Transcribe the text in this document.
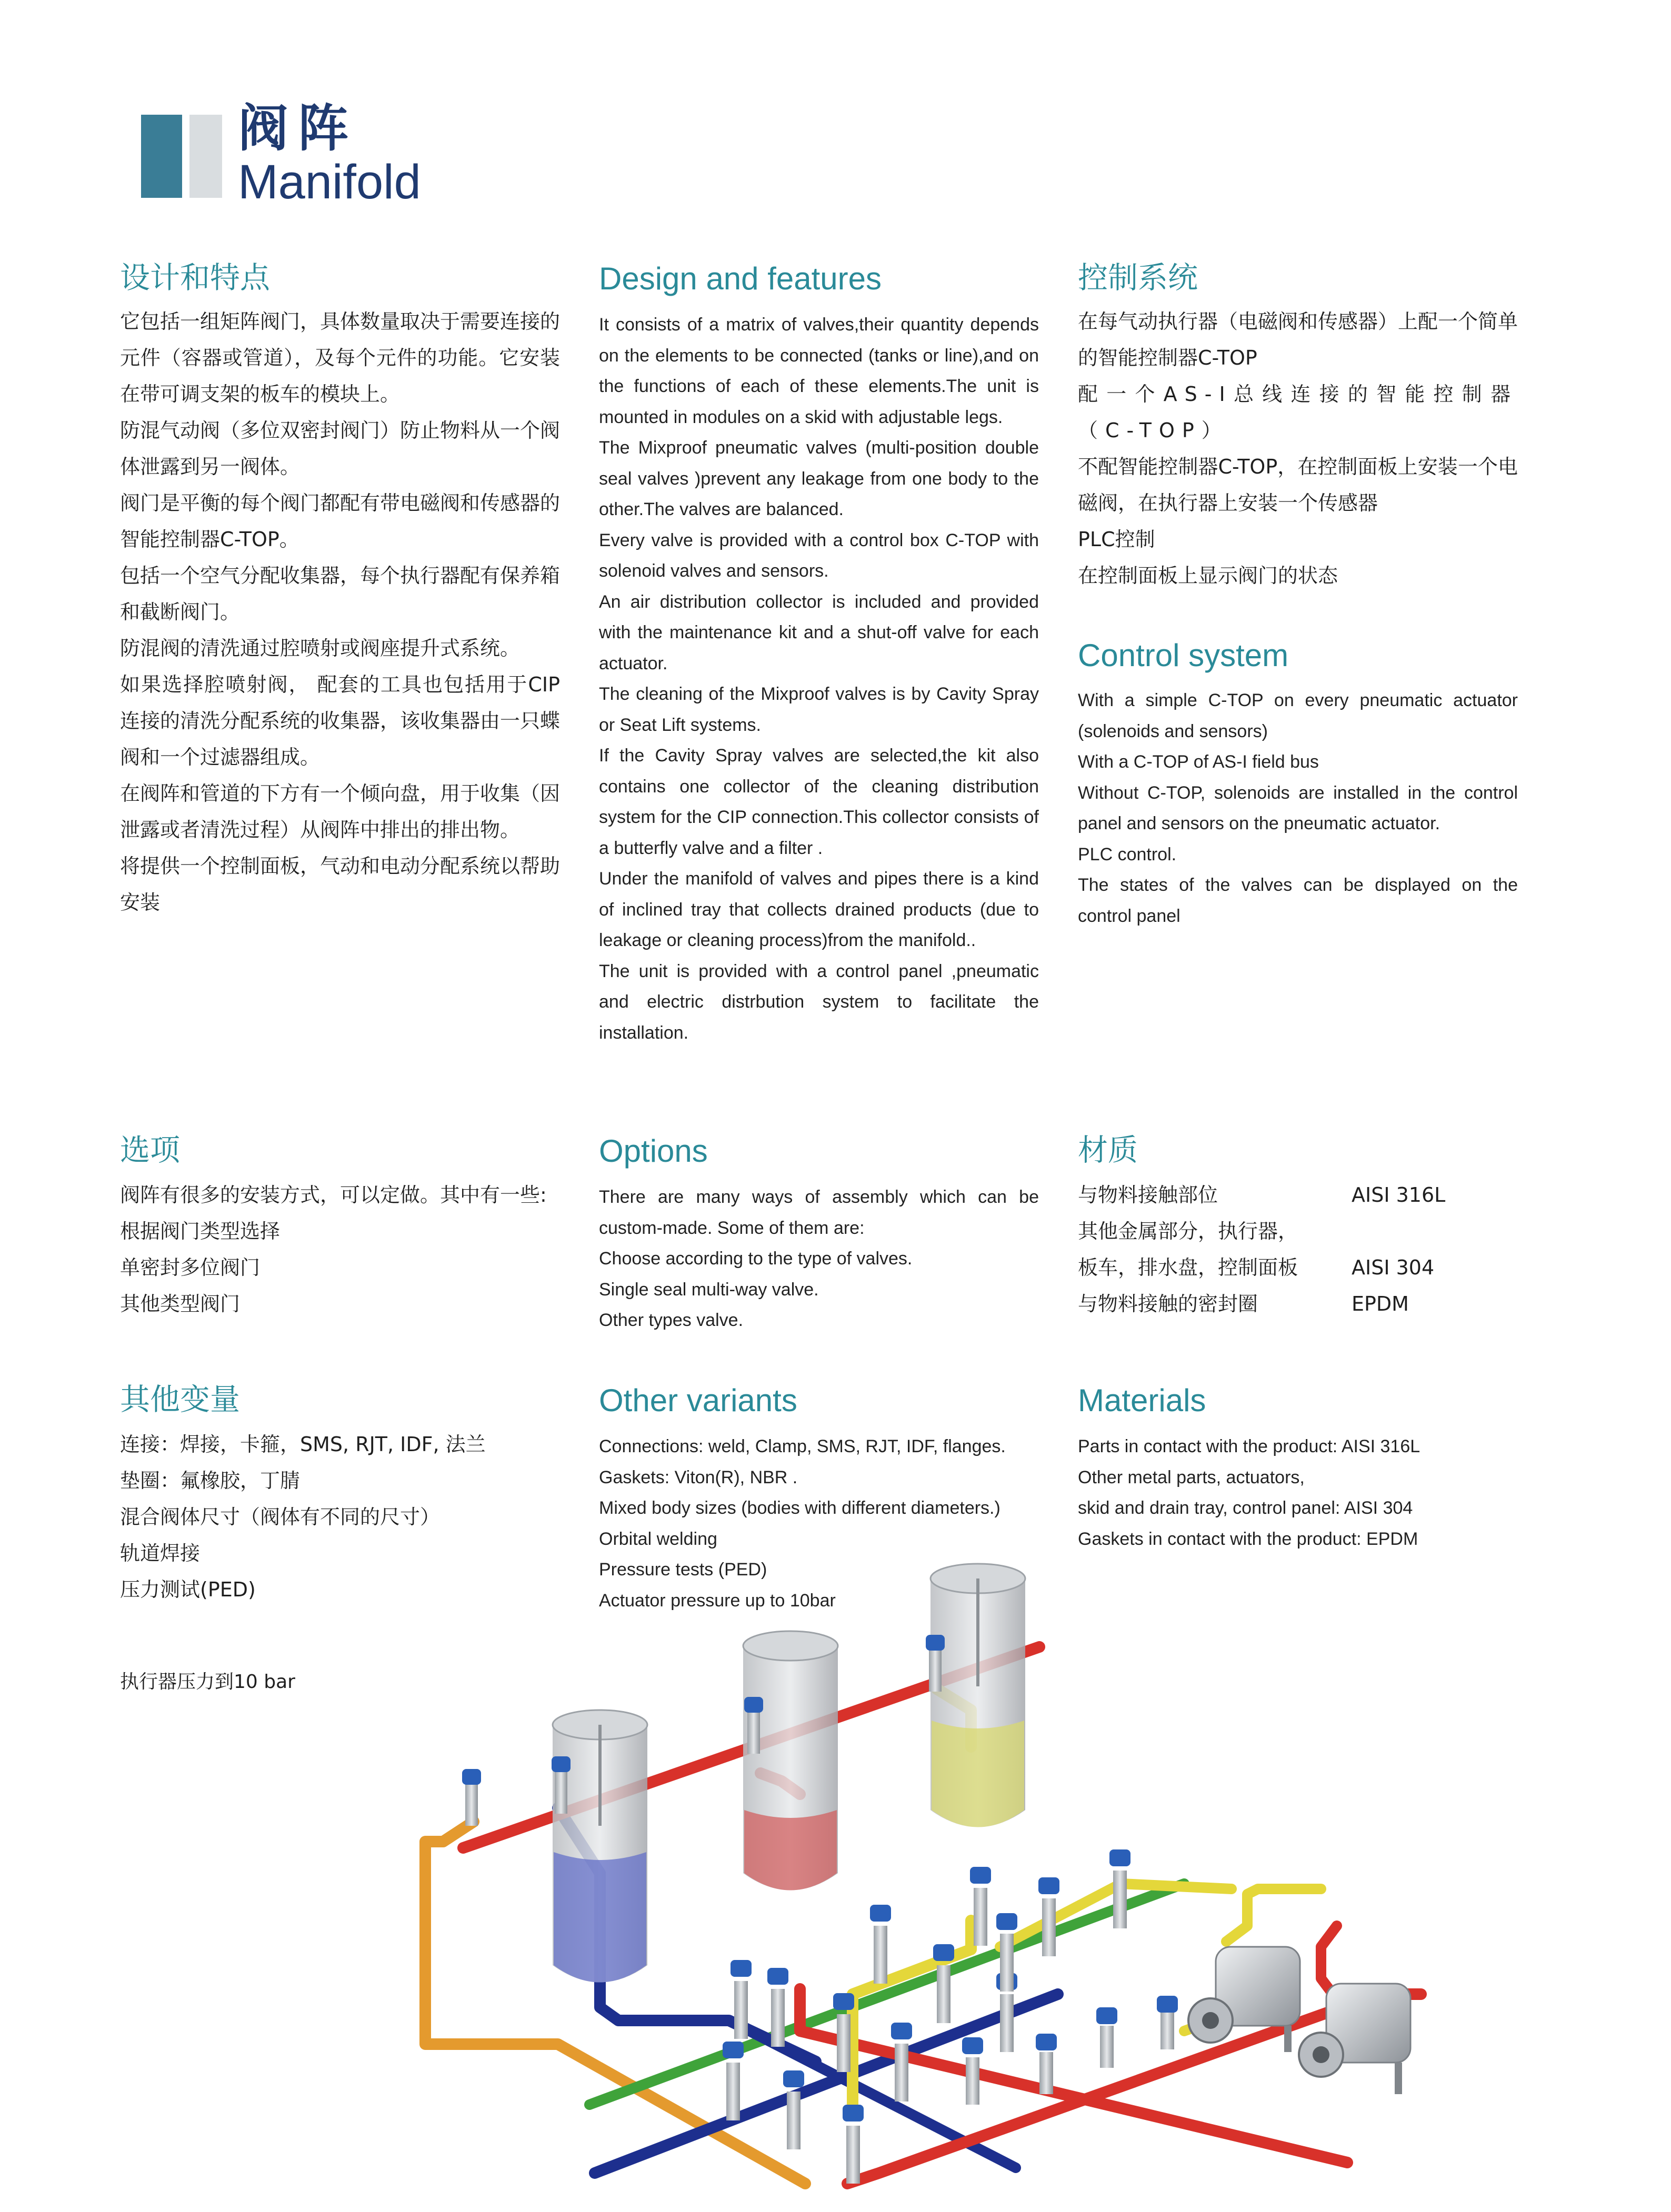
阀阵
Manifold
设计和特点

它包括一组矩阵阀门，具体数量取决于需要连接的元件（容器或管道），及每个元件的功能。它安装在带可调支架的板车的模块上。

防混气动阀（多位双密封阀门）防止物料从一个阀体泄露到另一阀体。

阀门是平衡的每个阀门都配有带电磁阀和传感器的智能控制器C-TOP。

包括一个空气分配收集器，每个执行器配有保养箱和截断阀门。

防混阀的清洗通过腔喷射或阀座提升式系统。

如果选择腔喷射阀， 配套的工具也包括用于CIP 连接的清洗分配系统的收集器，该收集器由一只蝶阀和一个过滤器组成。

在阀阵和管道的下方有一个倾向盘，用于收集（因泄露或者清洗过程）从阀阵中排出的排出物。

将提供一个控制面板，气动和电动分配系统以帮助安装

Design and features

It consists of a matrix of valves,their quantity depends on the elements to be connected (tanks or line),and on the functions of each of these elements.The unit is mounted in modules on a skid with adjustable legs.

The Mixproof pneumatic valves (multi-position double seal valves )prevent any leakage from one body to the other.The valves are balanced.

Every valve is provided with a control box C-TOP with solenoid valves and sensors.

An air distribution collector is included and provided with the maintenance kit and a shut-off valve for each actuator.

The cleaning of the Mixproof valves is by Cavity Spray or Seat Lift systems.

If the Cavity Spray valves are selected,the kit also contains one collector of the cleaning distribution system for the CIP connection.This collector consists of a butterfly valve and a filter .

Under the manifold of valves and pipes there is a kind of inclined tray that collects drained products (due to leakage or cleaning process)from the manifold..

The unit is provided with a control panel ,pneumatic and electric distrbution system to facilitate the installation.

控制系统

在每气动执行器（电磁阀和传感器）上配一个简单的智能控制器C-TOP

配一个AS-I总线连接的智能控制器（C-TOP）

不配智能控制器C-TOP，在控制面板上安装一个电磁阀，在执行器上安装一个传感器

PLC控制

在控制面板上显示阀门的状态

Control system

With a simple C-TOP on every pneumatic actuator (solenoids and sensors)

With a C-TOP of AS-I field bus

Without C-TOP, solenoids are installed in the control panel and sensors on the pneumatic actuator.

PLC control.

The states of the valves can be displayed on the control panel

选项

阀阵有很多的安装方式，可以定做。其中有一些:

根据阀门类型选择

单密封多位阀门

其他类型阀门

Options

There are many ways of assembly which can be custom-made. Some of them are:

Choose according to the type of valves.

Single seal multi-way valve.

Other types valve.

材质
与物料接触部位	AISI 316L
其他金属部分，执行器，
板车，排水盘，控制面板	AISI 304
与物料接触的密封圈	EPDM
其他变量

连接：焊接，卡箍，SMS, RJT, IDF, 法兰

垫圈：氟橡胶，丁腈

混合阀体尺寸（阀体有不同的尺寸）

轨道焊接

压力测试(PED)

Other variants

Connections: weld, Clamp, SMS, RJT, IDF, flanges.

Gaskets: Viton(R), NBR .

Mixed body sizes (bodies with different diameters.)

Orbital welding

Pressure tests (PED)

Actuator pressure up to 10bar

Materials

Parts in contact with the product: AISI 316L

Other metal parts, actuators,

skid and drain tray, control panel: AISI 304

Gaskets in contact with the product: EPDM

执行器压力到10 bar
